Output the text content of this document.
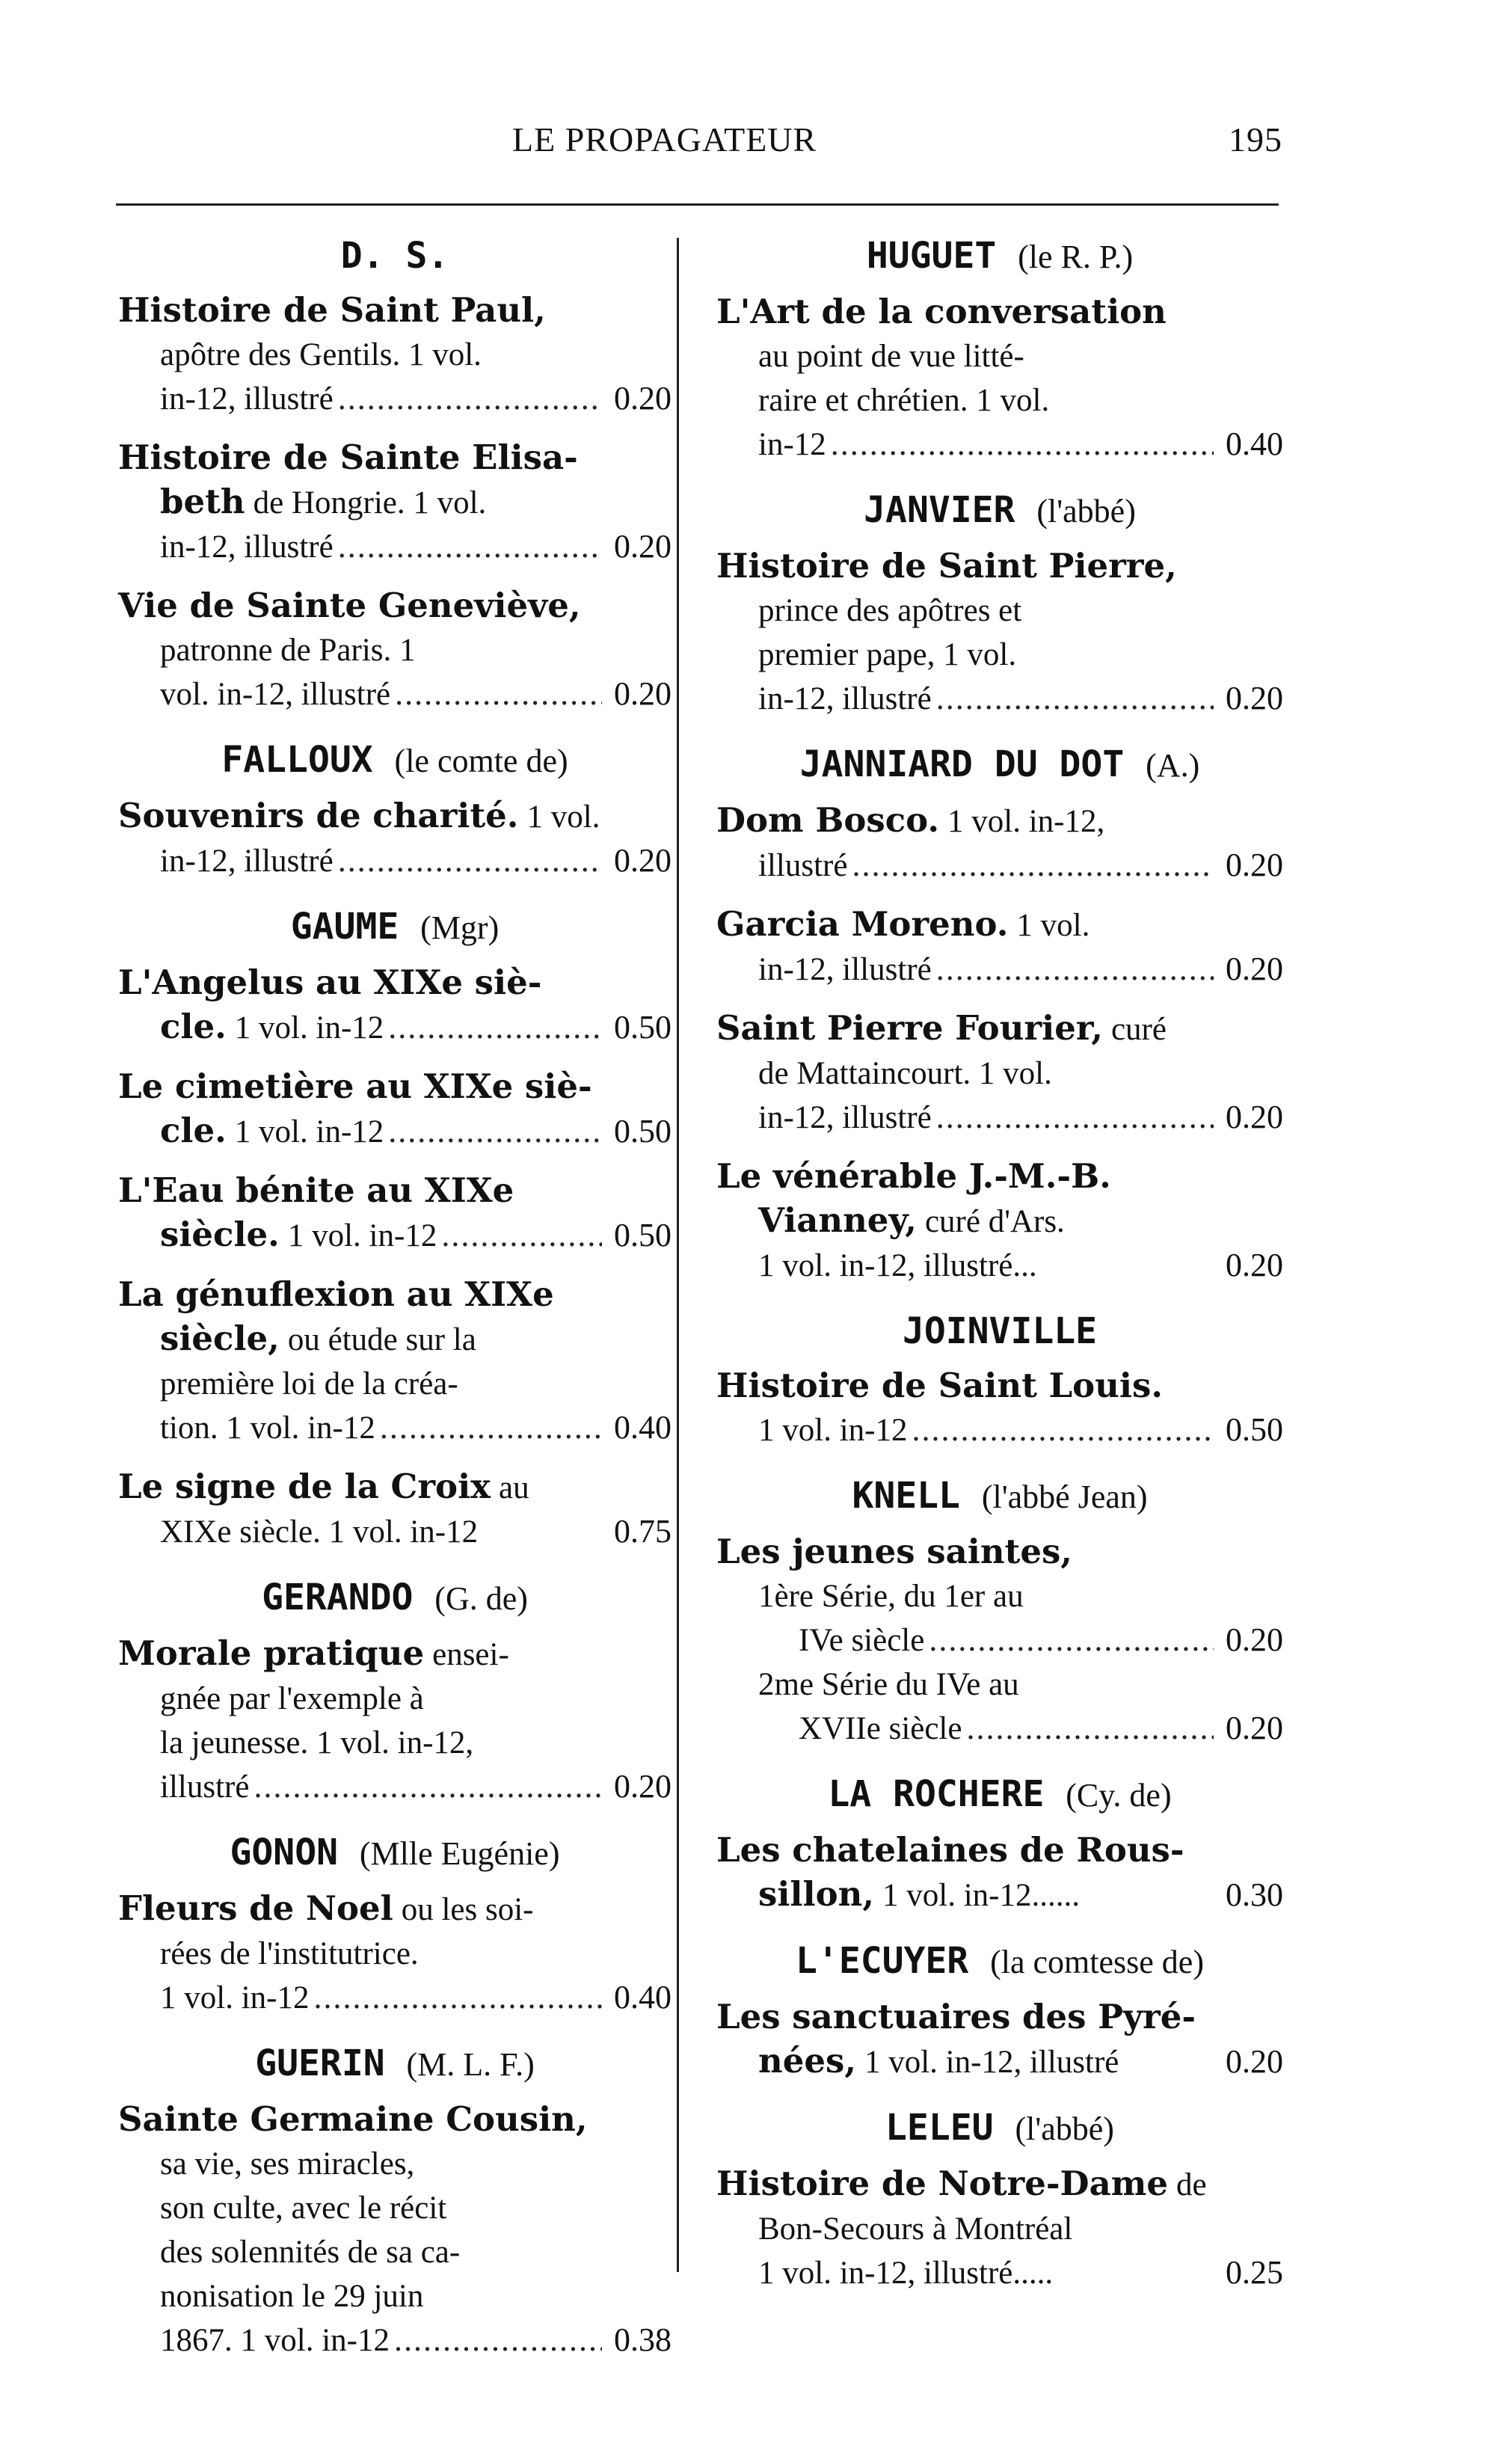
LE PROPAGATEUR	195
D. S.
Histoire de Saint Paul,
apôtre des Gentils. 1 vol.
in-12, illustré .....	0.20
Histoire de Sainte Elisa-
beth de Hongrie. 1 vol.
in-12, illustré .....	0.20
Vie de Sainte Geneviève,
patronne de Paris. 1
vol. in-12, illustré .....	0.20
FALLOUX (le comte de)
Souvenirs de charité. 1 vol.
in-12, illustré .....	0.20
GAUME (Mgr)
L'Angelus au XIXe siè-
cle.
1 vol. in-12 .....	0.50
Le cimetière au XIXe siè-
cle.
1 vol. in-12 .....	0.50
L'Eau bénite au XIXe
siècle.
1 vol. in-12 .....	0.50
La génuflexion au XIXe
siècle, ou étude sur la
première loi de la créa-
tion. 1 vol. in-12 .....	0.40
Le signe de la Croix au
XIXe siècle. 1 vol. in-12	0.75
GERANDO (G. de)
Morale pratique ensei-
gnée par l'exemple à
la jeunesse. 1 vol. in-12,
illustré .....	0.20
GONON (Mlle Eugénie)
Fleurs de Noel ou les soi-
rées de l'institutrice.
1 vol. in-12 .....	0.40
GUERIN (M. L. F.)
Sainte Germaine Cousin,
sa vie, ses miracles,
son culte, avec le récit
des solennités de sa ca-
nonisation le 29 juin
1867. 1 vol. in-12 .....	0.38
HUGUET (le R. P.)
L'Art de la conversation
au point de vue litté-
raire et chrétien. 1 vol.
in-12 .....	0.40
JANVIER (l'abbé)
Histoire de Saint Pierre,
prince des apôtres et
premier pape, 1 vol.
in-12, illustré .....	0.20
JANNIARD DU DOT (A.)
Dom Bosco. 1 vol. in-12,
illustré .....	0.20
Garcia Moreno. 1 vol.
in-12, illustré .....	0.20
Saint Pierre Fourier, curé
de Mattaincourt. 1 vol.
in-12, illustré .....	0.20
Le vénérable J.-M.-B.
Vianney, curé d'Ars.
1 vol. in-12, illustré...	0.20
JOINVILLE
Histoire de Saint Louis.
1 vol. in-12 .....	0.50
KNELL (l'abbé Jean)
Les jeunes saintes,
1ère Série, du 1er au
IVe siècle .....	0.20
2me Série du IVe au
XVIIe siècle .....	0.20
LA ROCHERE (Cy. de)
Les chatelaines de Rous-
sillon,
1 vol. in-12......	0.30
L'ECUYER (la comtesse de)
Les sanctuaires des Pyré-
nées,
1 vol. in-12, illustré	0.20
LELEU (l'abbé)
Histoire de Notre-Dame de
Bon-Secours à Montréal
1 vol. in-12, illustré.....	0.25
